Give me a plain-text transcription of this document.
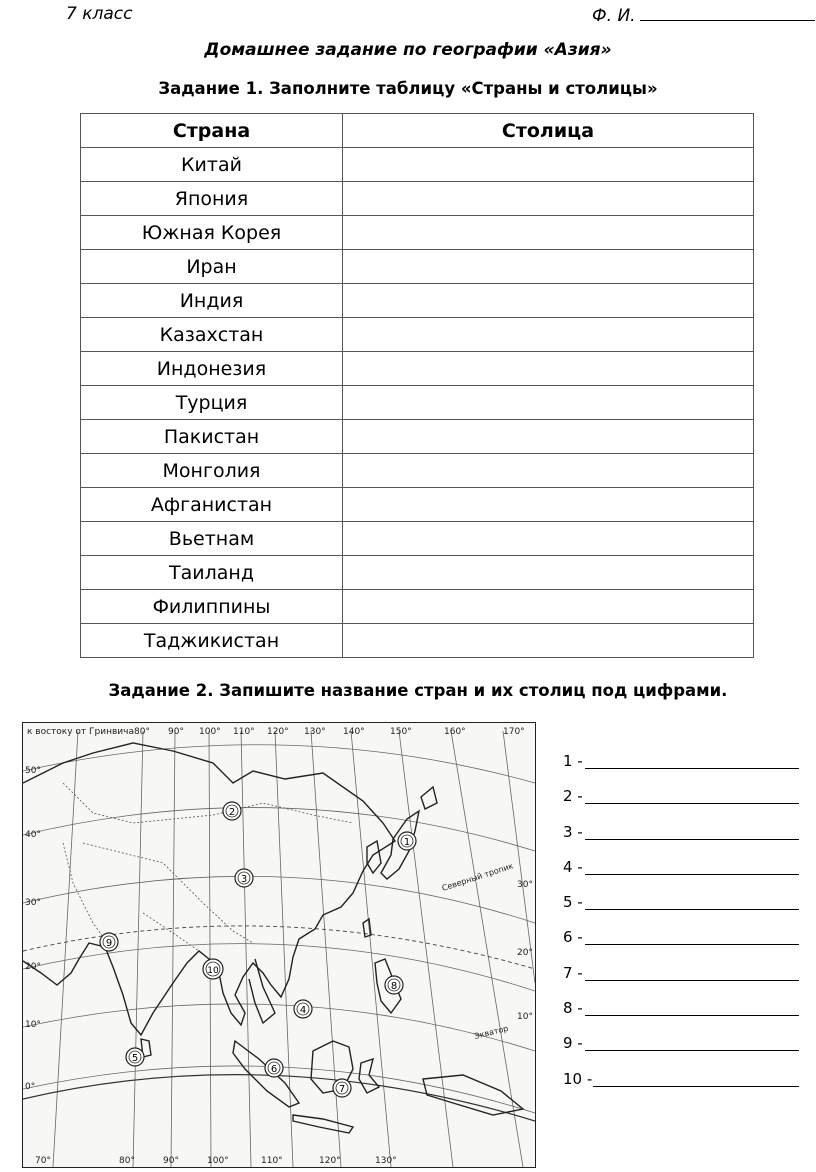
7 класс	Ф. И.
Домашнее задание по географии «Азия»
Задание 1. Заполните таблицу «Страны и столицы»
Страна	Столица
Китай	
Япония	
Южная Корея	
Иран	
Индия	
Казахстан	
Индонезия	
Турция	
Пакистан	
Монголия	
Афганистан	
Вьетнам	
Таиланд	
Филиппины	
Таджикистан	
Задание 2. Запишите название стран и их столиц под цифрами.
к востоку от Гринвича 80° 90° 100° 110° 120° 130° 140°	150°	160°	170°
70°	80°	90°	100°	110°	120°	130°
50°
40°
30°
20°
10°
0°
30°
20°
10°
Северный тропик
Экватор
1
2
3
4
5
6
7
8
9
10
1 -
2 -
3 -
4 -
5 -
6 -
7 -
8 -
9 -
10 -
